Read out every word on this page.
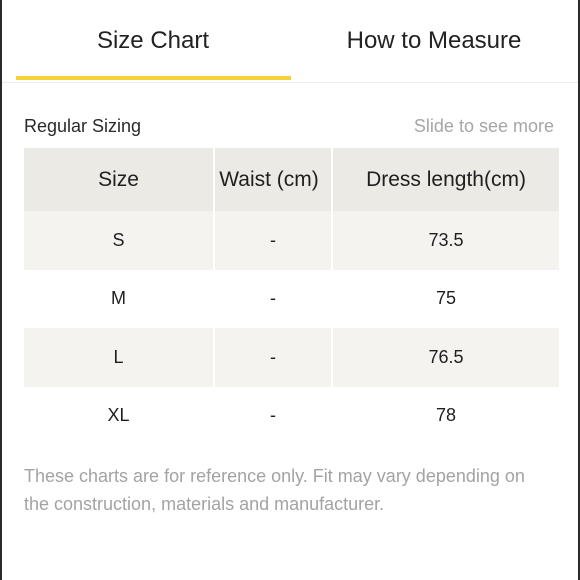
Size Chart	How to Measure
Regular Sizing	Slide to see more
Size	Waist (cm)	Dress length(cm)
S	-	73.5
M	-	75
L	-	76.5
XL	-	78
These charts are for reference only. Fit may vary depending on the construction, materials and manufacturer.
